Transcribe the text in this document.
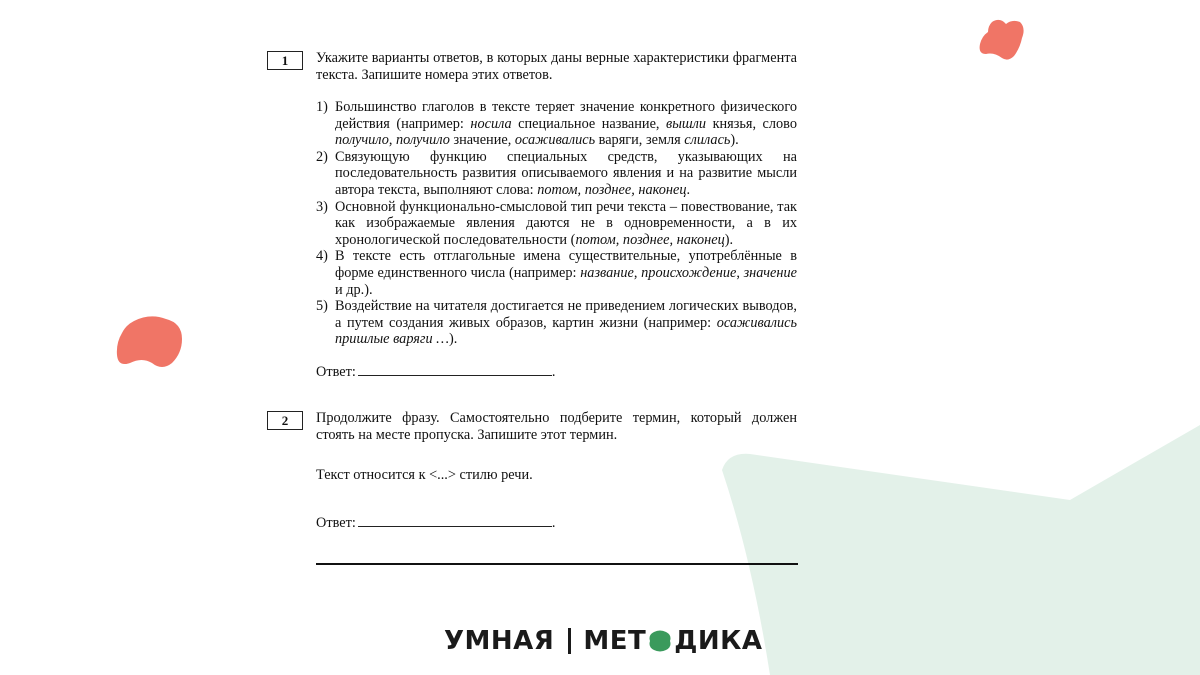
1	Укажите варианты ответов, в которых даны верные характеристики фрагмента текста. Запишите номера этих ответов.
1) Большинство глаголов в тексте теряет значение конкретного физического действия (например: носила специальное название, вышли князья, слово получило, получило значение, осаживались варяги, земля слилась).
2) Связующую функцию специальных средств, указывающих на последовательность развития описываемого явления и на развитие мысли автора текста, выполняют слова: потом, позднее, наконец.
3) Основной функционально-смысловой тип речи текста – повествование, так как изображаемые явления даются не в одновременности, а в их хронологической последовательности (потом, позднее, наконец).
4) В тексте есть отглагольные имена существительные, употреблённые в форме единственного числа (например: название, происхождение, значение и др.).
5) Воздействие на читателя достигается не приведением логических выводов, а путем создания живых образов, картин жизни (например: осаживались пришлые варяги …).
Ответ:	.
2	Продолжите фразу. Самостоятельно подберите термин, который должен стоять на месте пропуска. Запишите этот термин.
Текст относится к <...> стилю речи.
Ответ:	.
УМНАЯ МЕТ ДИКА
